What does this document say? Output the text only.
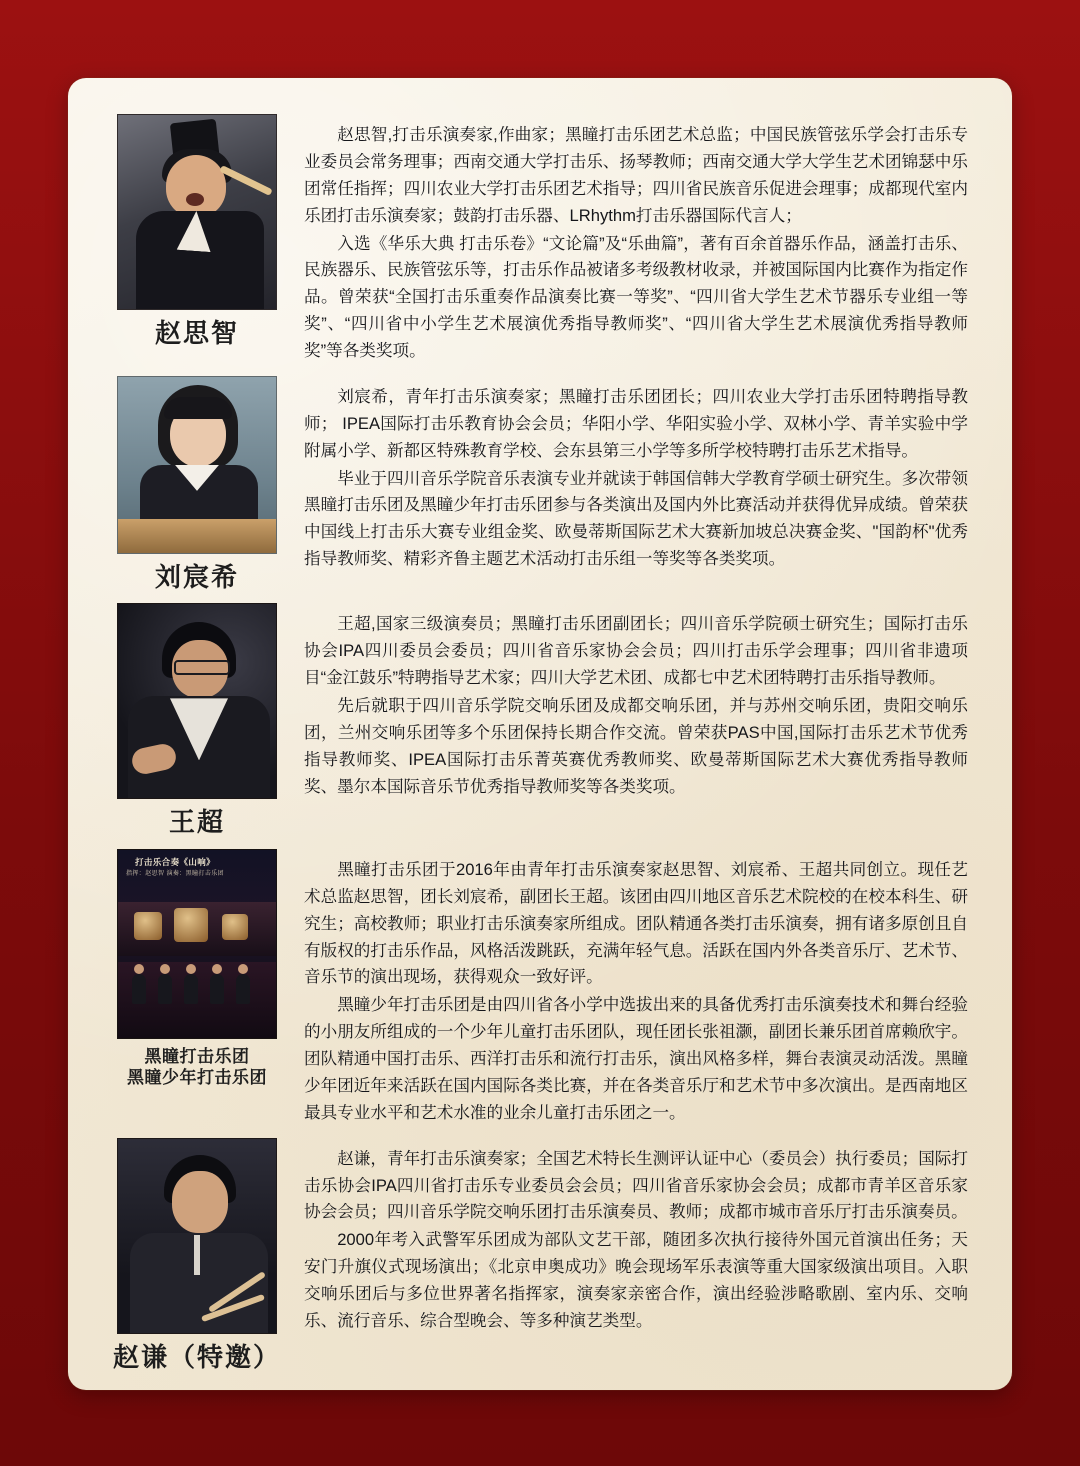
赵思智

赵思智,打击乐演奏家,作曲家；黑瞳打击乐团艺术总监；中国民族管弦乐学会打击乐专业委员会常务理事；西南交通大学打击乐、扬琴教师；西南交通大学大学生艺术团锦瑟中乐团常任指挥；四川农业大学打击乐团艺术指导；四川省民族音乐促进会理事；成都现代室内乐团打击乐演奏家；鼓韵打击乐器、LRhythm打击乐器国际代言人；

入选《华乐大典 打击乐卷》“文论篇”及“乐曲篇”，著有百余首器乐作品，涵盖打击乐、民族器乐、民族管弦乐等，打击乐作品被诸多考级教材收录，并被国际国内比赛作为指定作品。曾荣获“全国打击乐重奏作品演奏比赛一等奖”、“四川省大学生艺术节器乐专业组一等奖”、“四川省中小学生艺术展演优秀指导教师奖”、“四川省大学生艺术展演优秀指导教师奖”等各类奖项。

刘宸希

刘宸希，青年打击乐演奏家；黑瞳打击乐团团长；四川农业大学打击乐团特聘指导教师； IPEA国际打击乐教育协会会员；华阳小学、华阳实验小学、双林小学、青羊实验中学附属小学、新都区特殊教育学校、会东县第三小学等多所学校特聘打击乐艺术指导。

毕业于四川音乐学院音乐表演专业并就读于韩国信韩大学教育学硕士研究生。多次带领黑瞳打击乐团及黑瞳少年打击乐团参与各类演出及国内外比赛活动并获得优异成绩。曾荣获中国线上打击乐大赛专业组金奖、欧曼蒂斯国际艺术大赛新加坡总决赛金奖、"国韵杯"优秀指导教师奖、精彩齐鲁主题艺术活动打击乐组一等奖等各类奖项。

王超

王超,国家三级演奏员；黑瞳打击乐团副团长；四川音乐学院硕士研究生；国际打击乐协会IPA四川委员会委员；四川省音乐家协会会员；四川打击乐学会理事；四川省非遗项目“金江鼓乐”特聘指导艺术家；四川大学艺术团、成都七中艺术团特聘打击乐指导教师。

先后就职于四川音乐学院交响乐团及成都交响乐团，并与苏州交响乐团，贵阳交响乐团，兰州交响乐团等多个乐团保持长期合作交流。曾荣获PAS中国,国际打击乐艺术节优秀指导教师奖、IPEA国际打击乐菁英赛优秀教师奖、欧曼蒂斯国际艺术大赛优秀指导教师奖、墨尔本国际音乐节优秀指导教师奖等各类奖项。

打击乐合奏《山响》
指挥：赵思智 演奏：黑瞳打击乐团
黑瞳打击乐团
黑瞳少年打击乐团

黑瞳打击乐团于2016年由青年打击乐演奏家赵思智、刘宸希、王超共同创立。现任艺术总监赵思智，团长刘宸希，副团长王超。该团由四川地区音乐艺术院校的在校本科生、研究生；高校教师；职业打击乐演奏家所组成。团队精通各类打击乐演奏，拥有诸多原创且自有版权的打击乐作品，风格活泼跳跃，充满年轻气息。活跃在国内外各类音乐厅、艺术节、音乐节的演出现场，获得观众一致好评。

黑瞳少年打击乐团是由四川省各小学中选拔出来的具备优秀打击乐演奏技术和舞台经验的小朋友所组成的一个少年儿童打击乐团队，现任团长张祖灏，副团长兼乐团首席赖欣宇。团队精通中国打击乐、西洋打击乐和流行打击乐，演出风格多样，舞台表演灵动活泼。黑瞳少年团近年来活跃在国内国际各类比赛，并在各类音乐厅和艺术节中多次演出。是西南地区最具专业水平和艺术水准的业余儿童打击乐团之一。

赵谦（特邀）

赵谦，青年打击乐演奏家；全国艺术特长生测评认证中心（委员会）执行委员；国际打击乐协会IPA四川省打击乐专业委员会会员；四川省音乐家协会会员；成都市青羊区音乐家协会会员；四川音乐学院交响乐团打击乐演奏员、教师；成都市城市音乐厅打击乐演奏员。

2000年考入武警军乐团成为部队文艺干部，随团多次执行接待外国元首演出任务；天安门升旗仪式现场演出；《北京申奥成功》晚会现场军乐表演等重大国家级演出项目。入职交响乐团后与多位世界著名指挥家，演奏家亲密合作，演出经验涉略歌剧、室内乐、交响乐、流行音乐、综合型晚会、等多种演艺类型。
